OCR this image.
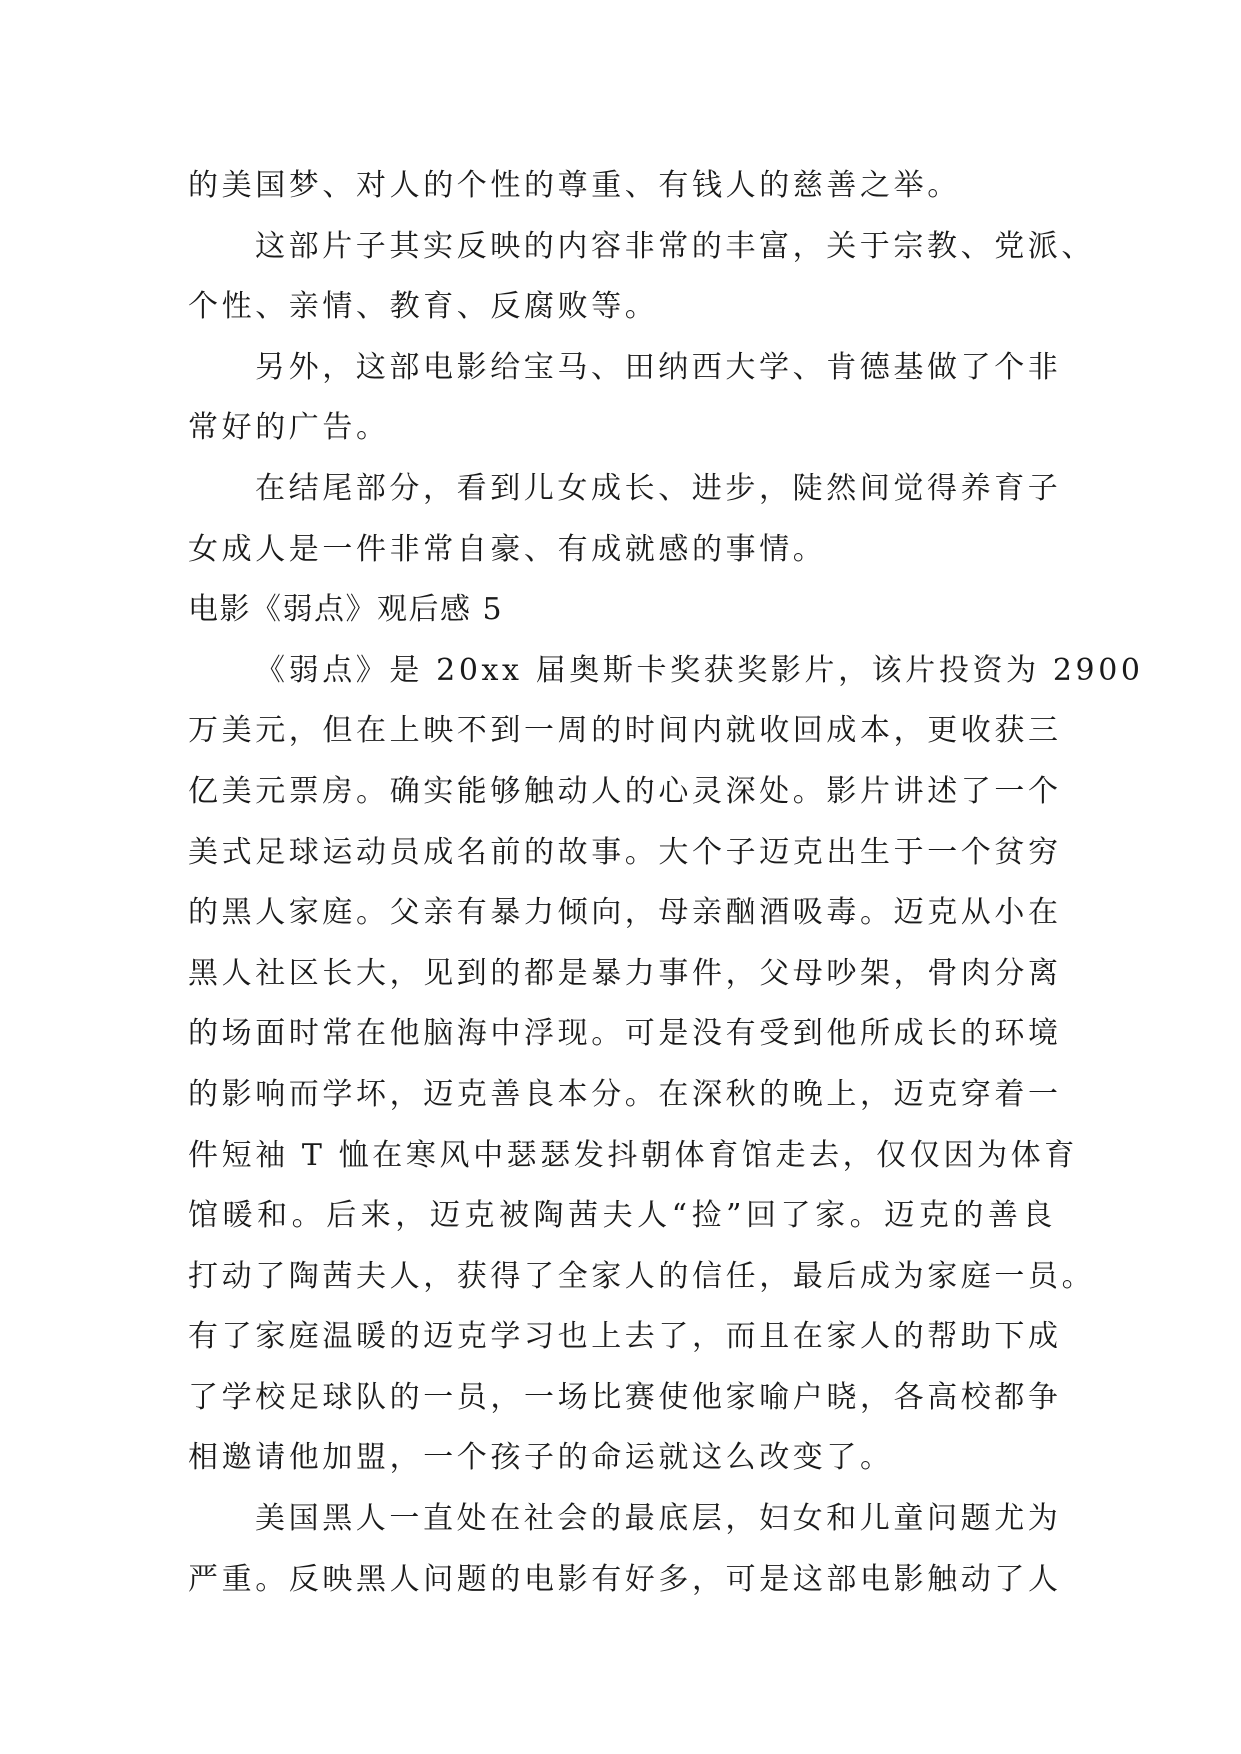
的美国梦、对人的个性的尊重、有钱人的慈善之举。
这部片子其实反映的内容非常的丰富，关于宗教、党派、
个性、亲情、教育、反腐败等。
另外，这部电影给宝马、田纳西大学、肯德基做了个非
常好的广告。
在结尾部分，看到儿女成长、进步，陡然间觉得养育子
女成人是一件非常自豪、有成就感的事情。
电影《弱点》观后感 5
《弱点》是 20xx 届奥斯卡奖获奖影片，该片投资为 2900
万美元，但在上映不到一周的时间内就收回成本，更收获三
亿美元票房。确实能够触动人的心灵深处。影片讲述了一个
美式足球运动员成名前的故事。大个子迈克出生于一个贫穷
的黑人家庭。父亲有暴力倾向，母亲酗酒吸毒。迈克从小在
黑人社区长大，见到的都是暴力事件，父母吵架，骨肉分离
的场面时常在他脑海中浮现。可是没有受到他所成长的环境
的影响而学坏，迈克善良本分。在深秋的晚上，迈克穿着一
件短袖 T 恤在寒风中瑟瑟发抖朝体育馆走去，仅仅因为体育
馆暖和。后来，迈克被陶茜夫人“捡”回了家。迈克的善良
打动了陶茜夫人，获得了全家人的信任，最后成为家庭一员。
有了家庭温暖的迈克学习也上去了，而且在家人的帮助下成
了学校足球队的一员，一场比赛使他家喻户晓，各高校都争
相邀请他加盟，一个孩子的命运就这么改变了。
美国黑人一直处在社会的最底层，妇女和儿童问题尤为
严重。反映黑人问题的电影有好多，可是这部电影触动了人
